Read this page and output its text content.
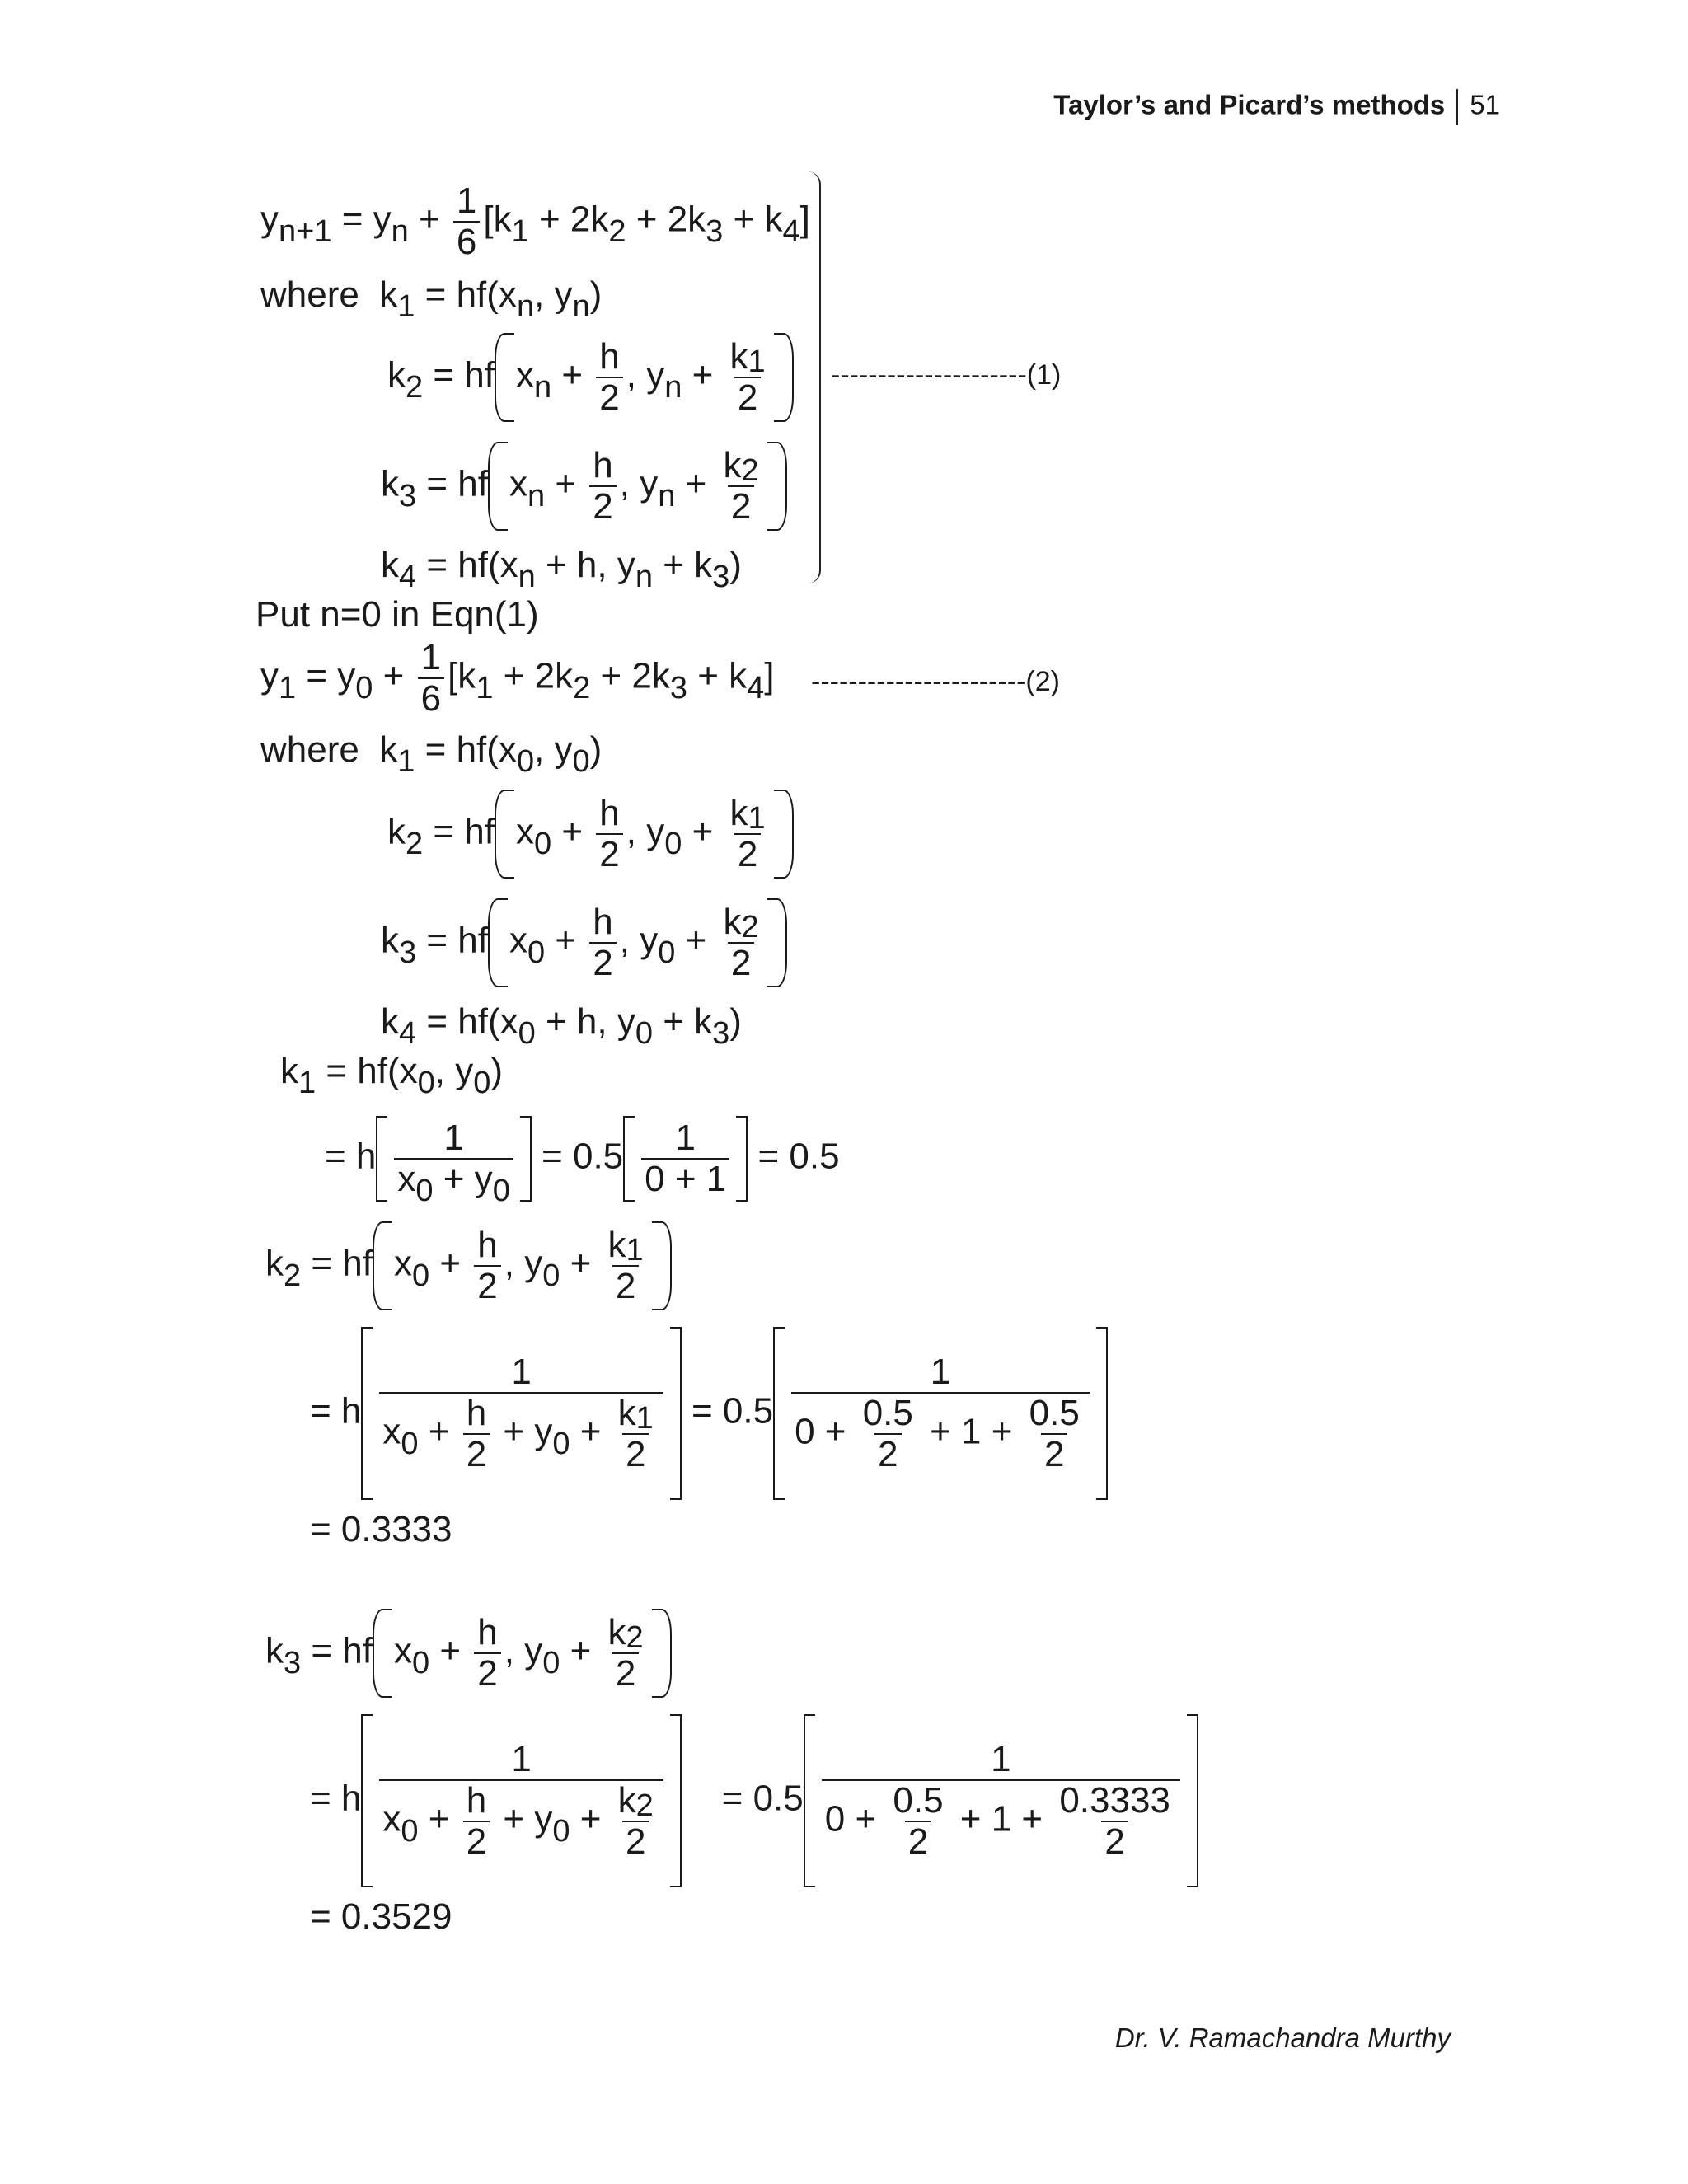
Taylor’s and Picard’s methods 51
yn+1 = yn + $\frac{1}{6} [k1 + 2k2 + 2k3 + k4]$
where  k1 = hf(xn, yn)
k2 = hf xn + $\frac{h}{2}$ , yn + $\frac{k1}{2}$
k3 = hf xn + $\frac{h}{2}$ , yn + $\frac{k2}{2}$
k4 = hf(xn + h, yn + k3)
---------------------(1)
Put n=0 in Eqn(1)
$y1 = y0 + \frac{1}{6} [k1 + 2k2 + 2k3 + k4]$ -----------------------(2)
where  k1 = hf(x0, y0)
k2 = hf $x0 + \frac{h}{2}$ , $y0 + \frac{k1}{2}$
k3 = hf $x0 + \frac{h}{2}$ , $y0 + \frac{k2}{2}$
k4 = hf(x0 + h, y0 + k3)
k1 = hf(x0, y0)
= h $\frac{1}{x0 + y0} = 0.5 \frac{1}{0 + 1} = 0.5$
k2 = hf $x0 + \frac{h}{2}$ , $y0 + \frac{k1}{2}$
= h $\frac{1}{x0 + \frac{h}{2} + y0 + \frac{k1}{2}} = 0.5 \frac{1}{0 + \frac{0.5}{2} + 1 + \frac{0.5}{2}}$
= 0.3333
k3 = hf $x0 + \frac{h}{2}$ , $y0 + \frac{k2}{2}$
= h $\frac{1}{x0 + \frac{h}{2} + y0 + \frac{k2}{2}} = 0.5 \frac{1}{0 + \frac{0.5}{2} + 1 + \frac{0.3333}{2}}$
= 0.3529
Dr. V. Ramachandra Murthy
